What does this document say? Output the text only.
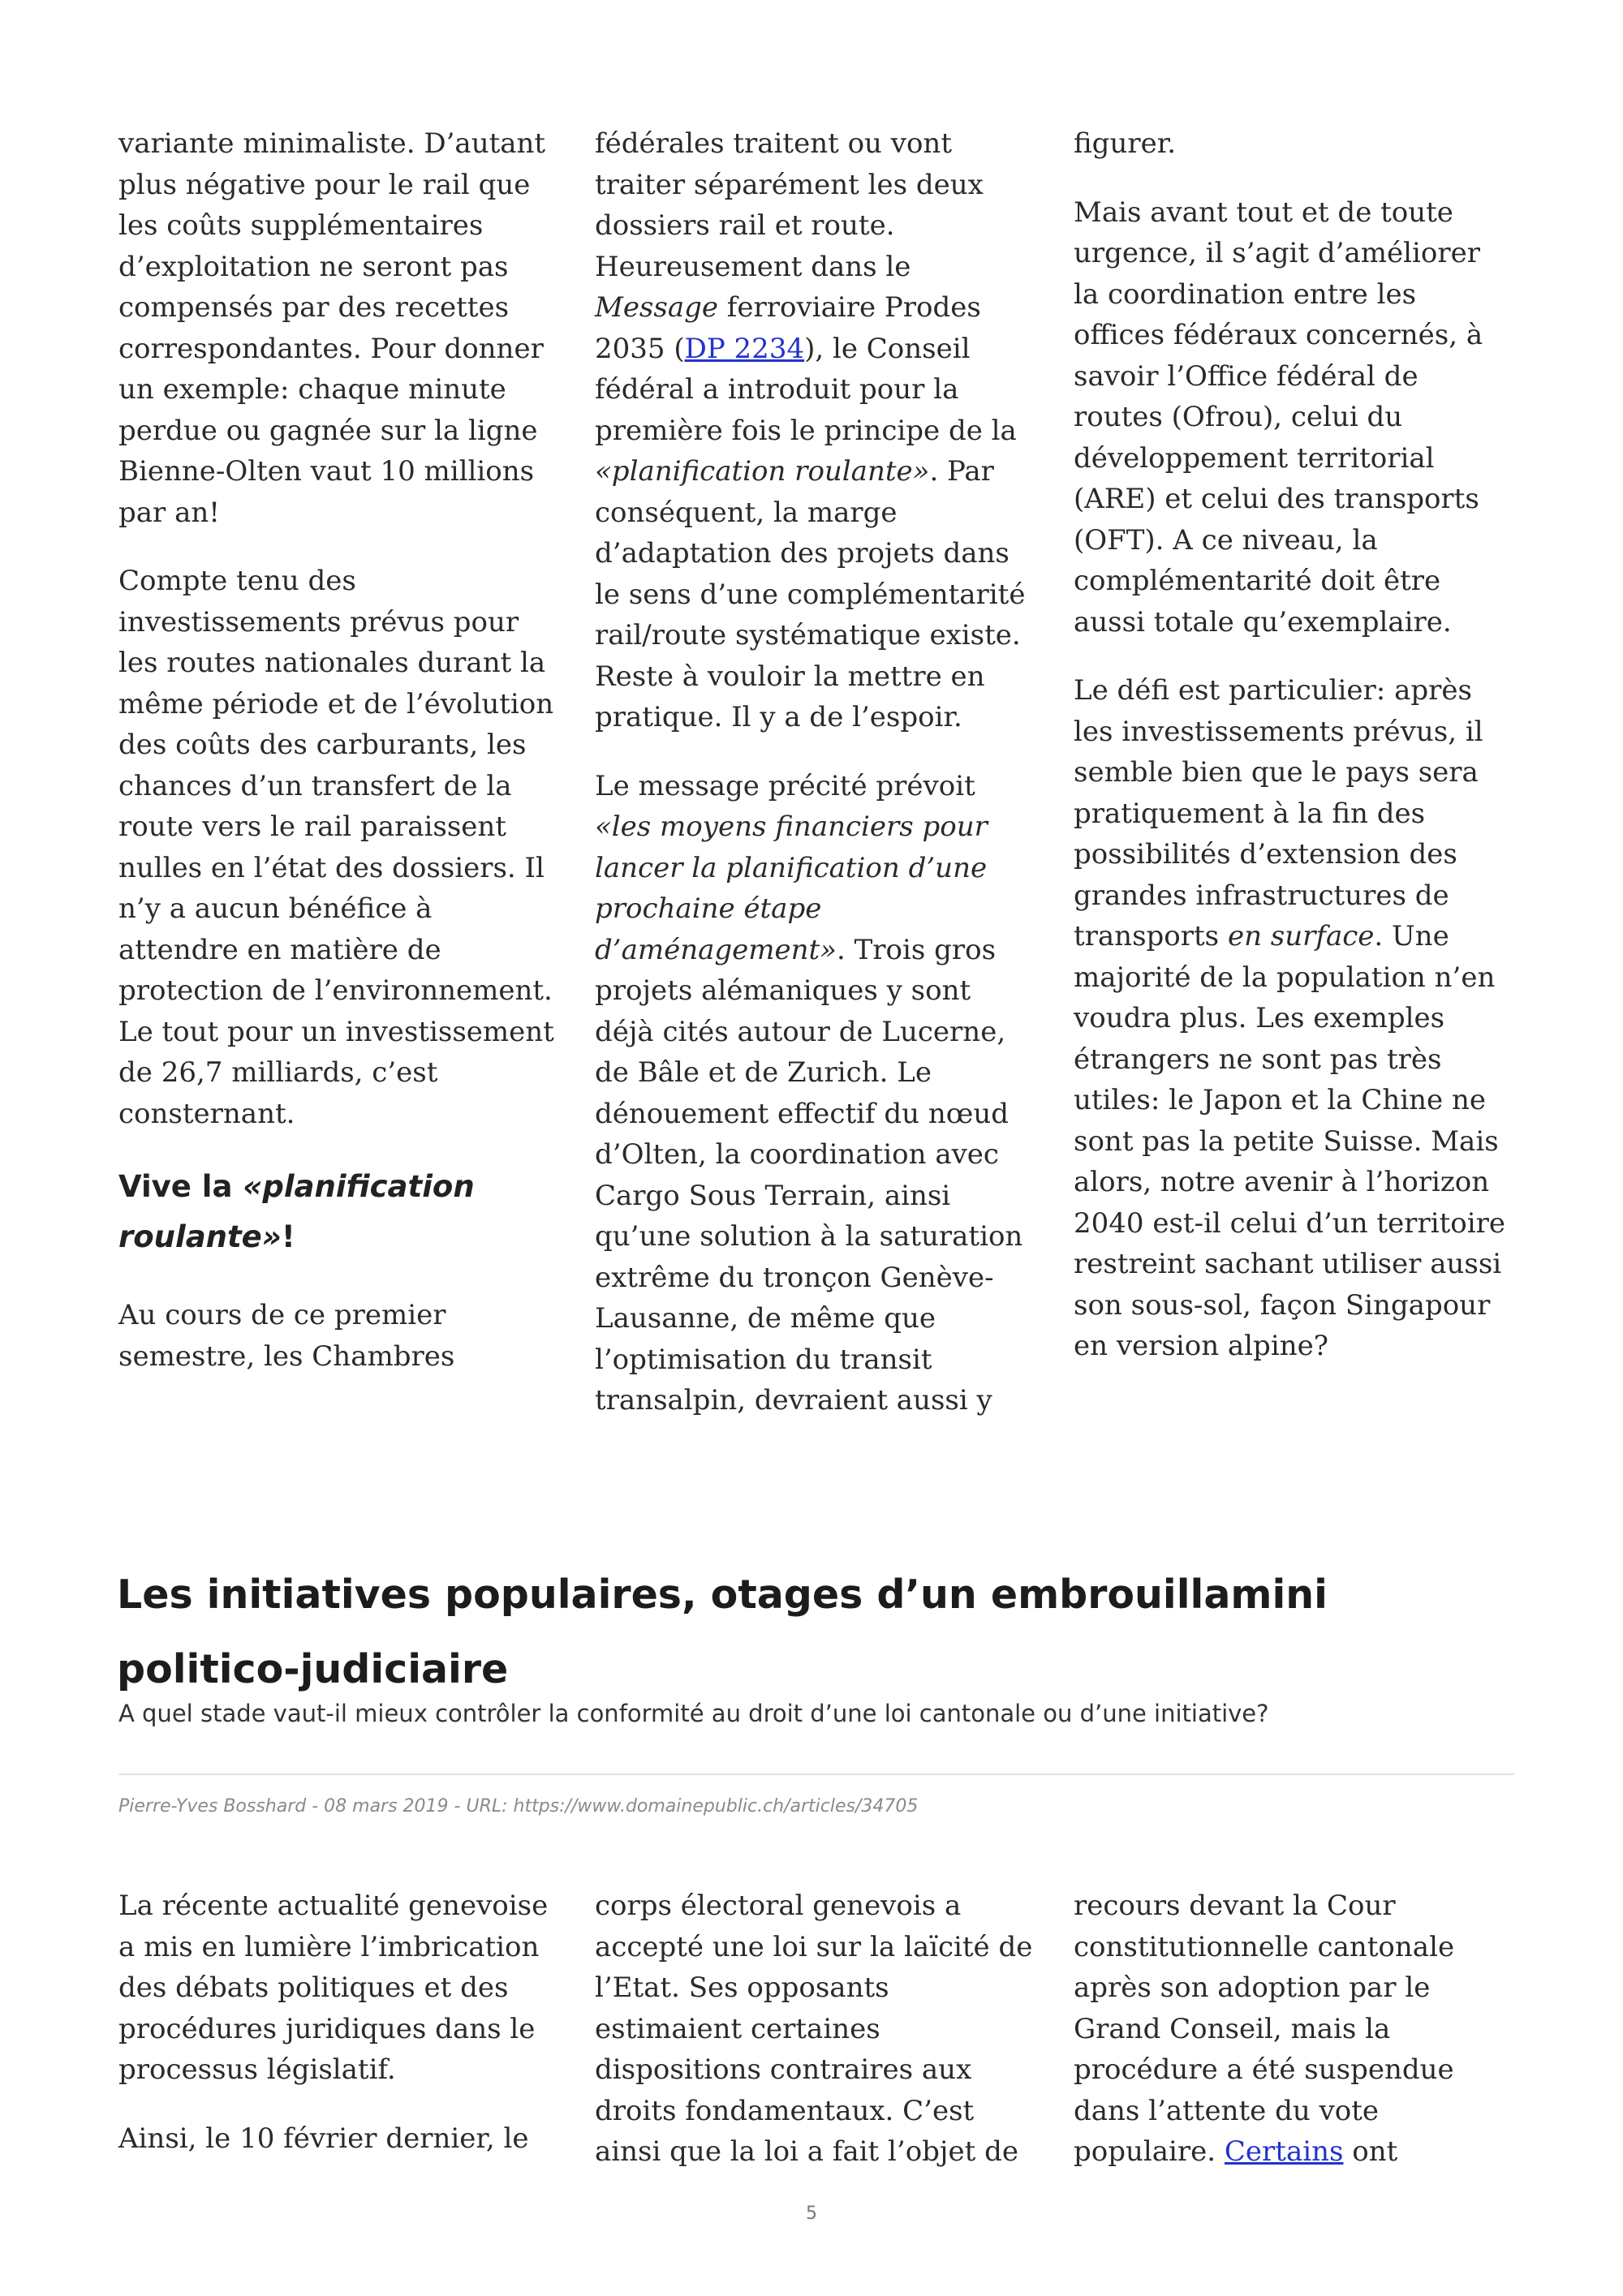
variante minimaliste. D’autant plus négative pour le rail que les coûts supplémentaires d’exploitation ne seront pas compensés par des recettes correspondantes. Pour donner un exemple: chaque minute perdue ou gagnée sur la ligne Bienne-Olten vaut 10 millions par an!

Compte tenu des investissements prévus pour les routes nationales durant la même période et de l’évolution des coûts des carburants, les chances d’un transfert de la route vers le rail paraissent nulles en l’état des dossiers. Il n’y a aucun bénéfice à attendre en matière de protection de l’environnement. Le tout pour un investissement de 26,7 milliards, c’est consternant.

Vive la «planification roulante»!

Au cours de ce premier semestre, les Chambres

fédérales traitent ou vont traiter séparément les deux dossiers rail et route. Heureusement dans le Message ferroviaire Prodes 2035 (DP 2234), le Conseil fédéral a introduit pour la première fois le principe de la «planification roulante». Par conséquent, la marge d’adaptation des projets dans le sens d’une complémentarité rail/route systématique existe. Reste à vouloir la mettre en pratique. Il y a de l’espoir.

Le message précité prévoit «les moyens financiers pour lancer la planification d’une prochaine étape d’aménagement». Trois gros projets alémaniques y sont déjà cités autour de Lucerne, de Bâle et de Zurich. Le dénouement effectif du nœud d’Olten, la coordination avec Cargo Sous Terrain, ainsi qu’une solution à la saturation extrême du tronçon Genève-Lausanne, de même que l’optimisation du transit transalpin, devraient aussi y

figurer.

Mais avant tout et de toute urgence, il s’agit d’améliorer la coordination entre les offices fédéraux concernés, à savoir l’Office fédéral de routes (Ofrou), celui du développement territorial (ARE) et celui des transports (OFT). A ce niveau, la complémentarité doit être aussi totale qu’exemplaire.

Le défi est particulier: après les investissements prévus, il semble bien que le pays sera pratiquement à la fin des possibilités d’extension des grandes infrastructures de transports en surface. Une majorité de la population n’en voudra plus. Les exemples étrangers ne sont pas très utiles: le Japon et la Chine ne sont pas la petite Suisse. Mais alors, notre avenir à l’horizon 2040 est-il celui d’un territoire restreint sachant utiliser aussi son sous-sol, façon Singapour en version alpine?

Les initiatives populaires, otages d’un embrouillamini politico-judiciaire

A quel stade vaut-il mieux contrôler la conformité au droit d’une loi cantonale ou d’une initiative?

Pierre-Yves Bosshard - 08 mars 2019 - URL: https://www.domainepublic.ch/articles/34705

La récente actualité genevoise a mis en lumière l’imbrication des débats politiques et des procédures juridiques dans le processus législatif.

Ainsi, le 10 février dernier, le

corps électoral genevois a accepté une loi sur la laïcité de l’Etat. Ses opposants estimaient certaines dispositions contraires aux droits fondamentaux. C’est ainsi que la loi a fait l’objet de

recours devant la Cour constitutionnelle cantonale après son adoption par le Grand Conseil, mais la procédure a été suspendue dans l’attente du vote populaire. Certains ont

5
